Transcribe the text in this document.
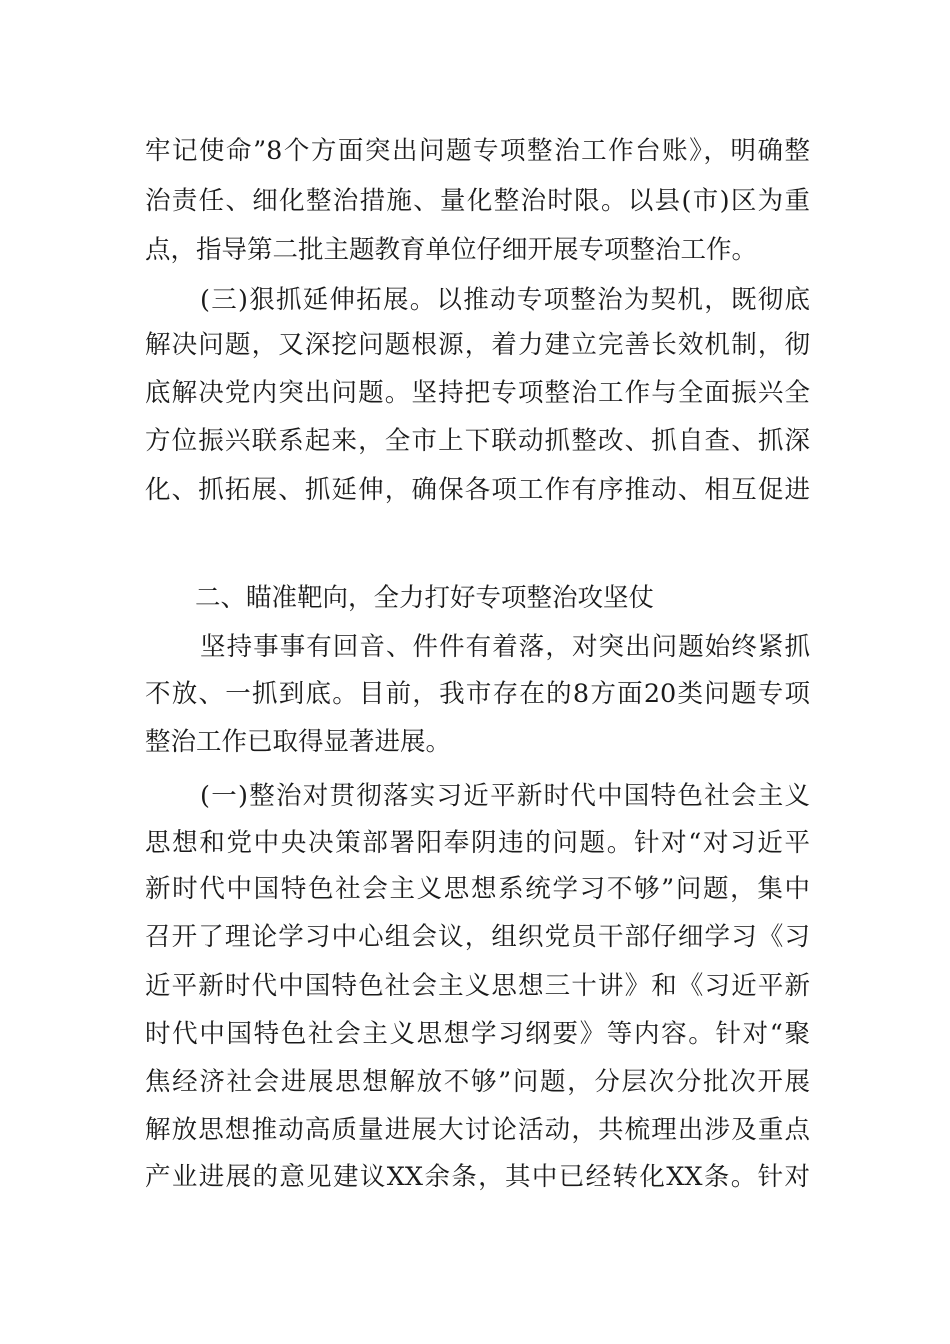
牢记使命”8个方面突出问题专项整治工作台账》，明确整
治责任、细化整治措施、量化整治时限。以县(市)区为重
点，指导第二批主题教育单位仔细开展专项整治工作。
(三)狠抓延伸拓展。以推动专项整治为契机，既彻底
解决问题，又深挖问题根源，着力建立完善长效机制，彻
底解决党内突出问题。坚持把专项整治工作与全面振兴全
方位振兴联系起来，全市上下联动抓整改、抓自查、抓深
化、抓拓展、抓延伸，确保各项工作有序推动、相互促进
二、瞄准靶向，全力打好专项整治攻坚仗
坚持事事有回音、件件有着落，对突出问题始终紧抓
不放、一抓到底。目前，我市存在的8方面20类问题专项
整治工作已取得显著进展。
(一)整治对贯彻落实习近平新时代中国特色社会主义
思想和党中央决策部署阳奉阴违的问题。针对“对习近平
新时代中国特色社会主义思想系统学习不够”问题，集中
召开了理论学习中心组会议，组织党员干部仔细学习《习
近平新时代中国特色社会主义思想三十讲》和《习近平新
时代中国特色社会主义思想学习纲要》等内容。针对“聚
焦经济社会进展思想解放不够”问题，分层次分批次开展
解放思想推动高质量进展大讨论活动，共梳理出涉及重点
产业进展的意见建议XX余条，其中已经转化XX条。针对
